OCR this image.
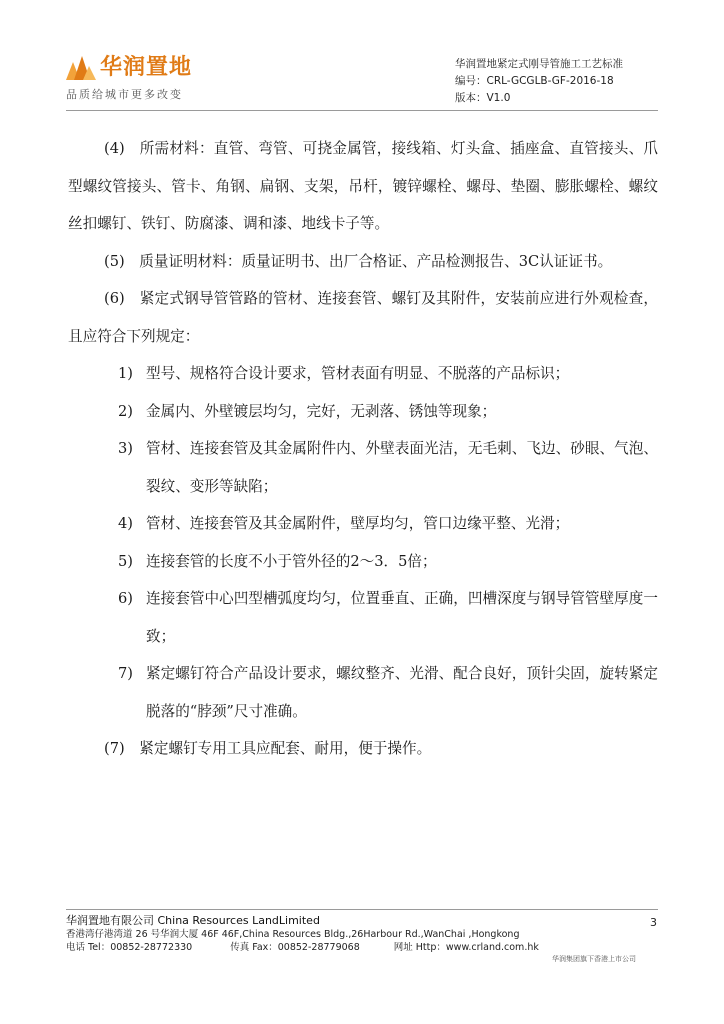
华润置地
品质给城市更多改变
华润置地紧定式刚导管施工工艺标准
编号：CRL-GCGLB-GF-2016-18
版本：V1.0

(4)　 所需材料：直管、弯管、可挠金属管，接线箱、灯头盒、插座盒、直管接头、爪型螺纹管接头、管卡、角钢、扁钢、支架，吊杆，镀锌螺栓、螺母、垫圈、膨胀螺栓、螺纹丝扣螺钉、铁钉、防腐漆、调和漆、地线卡子等。

(5)　 质量证明材料：质量证明书、出厂合格证、产品检测报告、3C认证证书。

(6)　 紧定式钢导管管路的管材、连接套管、螺钉及其附件，安装前应进行外观检查，且应符合下列规定：

1) 型号、规格符合设计要求，管材表面有明显、不脱落的产品标识；

2) 金属内、外壁镀层均匀，完好，无剥落、锈蚀等现象；

3) 管材、连接套管及其金属附件内、外壁表面光洁，无毛刺、飞边、砂眼、气泡、裂纹、变形等缺陷；

4) 管材、连接套管及其金属附件，壁厚均匀，管口边缘平整、光滑；

5) 连接套管的长度不小于管外径的2～3．5倍；

6) 连接套管中心凹型槽弧度均匀，位置垂直、正确，凹槽深度与钢导管管壁厚度一致；

7) 紧定螺钉符合产品设计要求，螺纹整齐、光滑、配合良好，顶针尖固，旋转紧定脱落的“脖颈”尺寸准确。

(7)　 紧定螺钉专用工具应配套、耐用，便于操作。

华润置地有限公司 China Resources LandLimited
香港湾仔港湾道 26 号华润大厦 46F 46F,China Resources Bldg.,26Harbour Rd.,WanChai ,Hongkong
电话 Tel：00852-28772330	传真 Fax：00852-28779068	网址 Http：www.crland.com.hk
3
华润集团旗下香港上市公司
